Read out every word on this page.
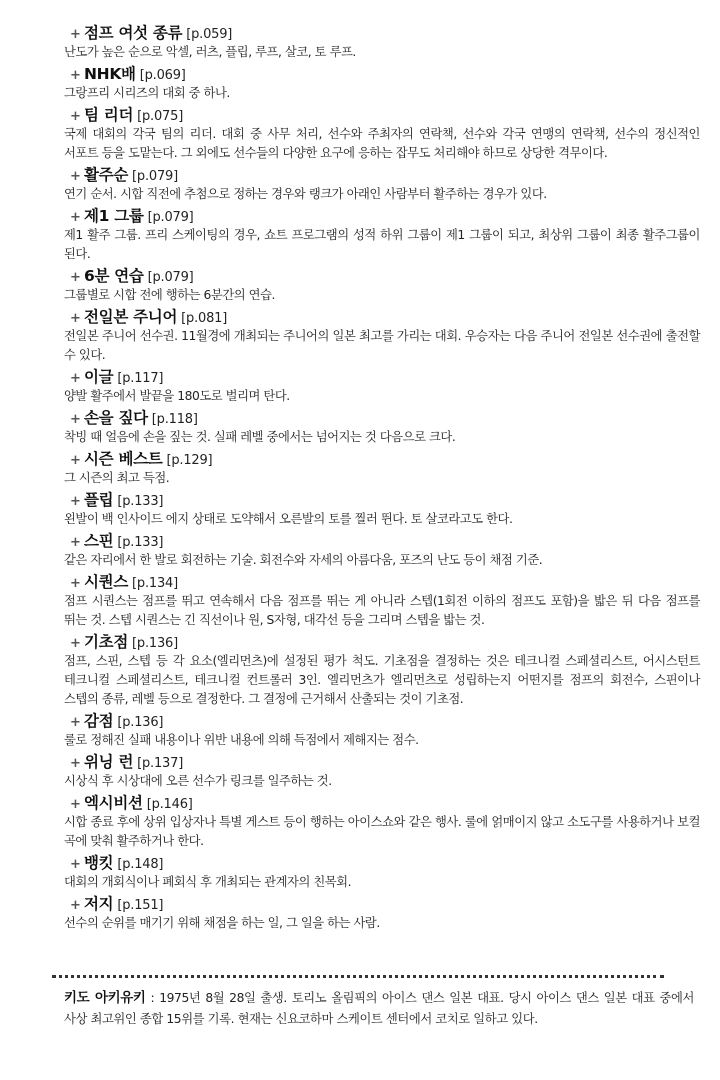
+ 점프 여섯 종류 [p.059]
난도가 높은 순으로 악셀, 러츠, 플립, 루프, 살코, 토 루프.
+ NHK배 [p.069]
그랑프리 시리즈의 대회 중 하나.
+ 팀 리더 [p.075]
국제 대회의 각국 팀의 리더. 대회 중 사무 처리, 선수와 주최자의 연락책, 선수와 각국 연맹의 연락책, 선수의 정신적인 서포트 등을 도맡는다. 그 외에도 선수들의 다양한 요구에 응하는 잡무도 처리해야 하므로 상당한 격무이다.
+ 활주순 [p.079]
연기 순서. 시합 직전에 추첨으로 정하는 경우와 랭크가 아래인 사람부터 활주하는 경우가 있다.
+ 제1 그룹 [p.079]
제1 활주 그룹. 프리 스케이팅의 경우, 쇼트 프로그램의 성적 하위 그룹이 제1 그룹이 되고, 최상위 그룹이 최종 활주그룹이 된다.
+ 6분 연습 [p.079]
그룹별로 시합 전에 행하는 6분간의 연습.
+ 전일본 주니어 [p.081]
전일본 주니어 선수권. 11월경에 개최되는 주니어의 일본 최고를 가리는 대회. 우승자는 다음 주니어 전일본 선수권에 출전할 수 있다.
+ 이글 [p.117]
양발 활주에서 발끝을 180도로 벌리며 탄다.
+ 손을 짚다 [p.118]
착빙 때 얼음에 손을 짚는 것. 실패 레벨 중에서는 넘어지는 것 다음으로 크다.
+ 시즌 베스트 [p.129]
그 시즌의 최고 득점.
+ 플립 [p.133]
왼발이 백 인사이드 에지 상태로 도약해서 오른발의 토를 찔러 뛴다. 토 살코라고도 한다.
+ 스핀 [p.133]
같은 자리에서 한 발로 회전하는 기술. 회전수와 자세의 아름다움, 포즈의 난도 등이 채점 기준.
+ 시퀀스 [p.134]
점프 시퀀스는 점프를 뛰고 연속해서 다음 점프를 뛰는 게 아니라 스텝(1회전 이하의 점프도 포함)을 밟은 뒤 다음 점프를 뛰는 것. 스텝 시퀀스는 긴 직선이나 원, S자형, 대각선 등을 그리며 스텝을 밟는 것.
+ 기초점 [p.136]
점프, 스핀, 스텝 등 각 요소(엘리먼츠)에 설정된 평가 척도. 기초점을 결정하는 것은 테크니컬 스페셜리스트, 어시스턴트 테크니컬 스페셜리스트, 테크니컬 컨트롤러 3인. 엘리먼츠가 엘리먼츠로 성립하는지 어떤지를 점프의 회전수, 스핀이나 스텝의 종류, 레벨 등으로 결정한다. 그 결정에 근거해서 산출되는 것이 기초점.
+ 감점 [p.136]
룰로 정해진 실패 내용이나 위반 내용에 의해 득점에서 제해지는 점수.
+ 위닝 런 [p.137]
시상식 후 시상대에 오른 선수가 링크를 일주하는 것.
+ 엑시비션 [p.146]
시합 종료 후에 상위 입상자나 특별 게스트 등이 행하는 아이스쇼와 같은 행사. 룰에 얽매이지 않고 소도구를 사용하거나 보컬 곡에 맞춰 활주하거나 한다.
+ 뱅킷 [p.148]
대회의 개회식이나 폐회식 후 개최되는 관계자의 친목회.
+ 저지 [p.151]
선수의 순위를 매기기 위해 채점을 하는 일, 그 일을 하는 사람.
키도 아키유키 : 1975년 8월 28일 출생. 토리노 올림픽의 아이스 댄스 일본 대표. 당시 아이스 댄스 일본 대표 중에서 사상 최고위인 종합 15위를 기록. 현재는 신요코하마 스케이트 센터에서 코치로 일하고 있다.
